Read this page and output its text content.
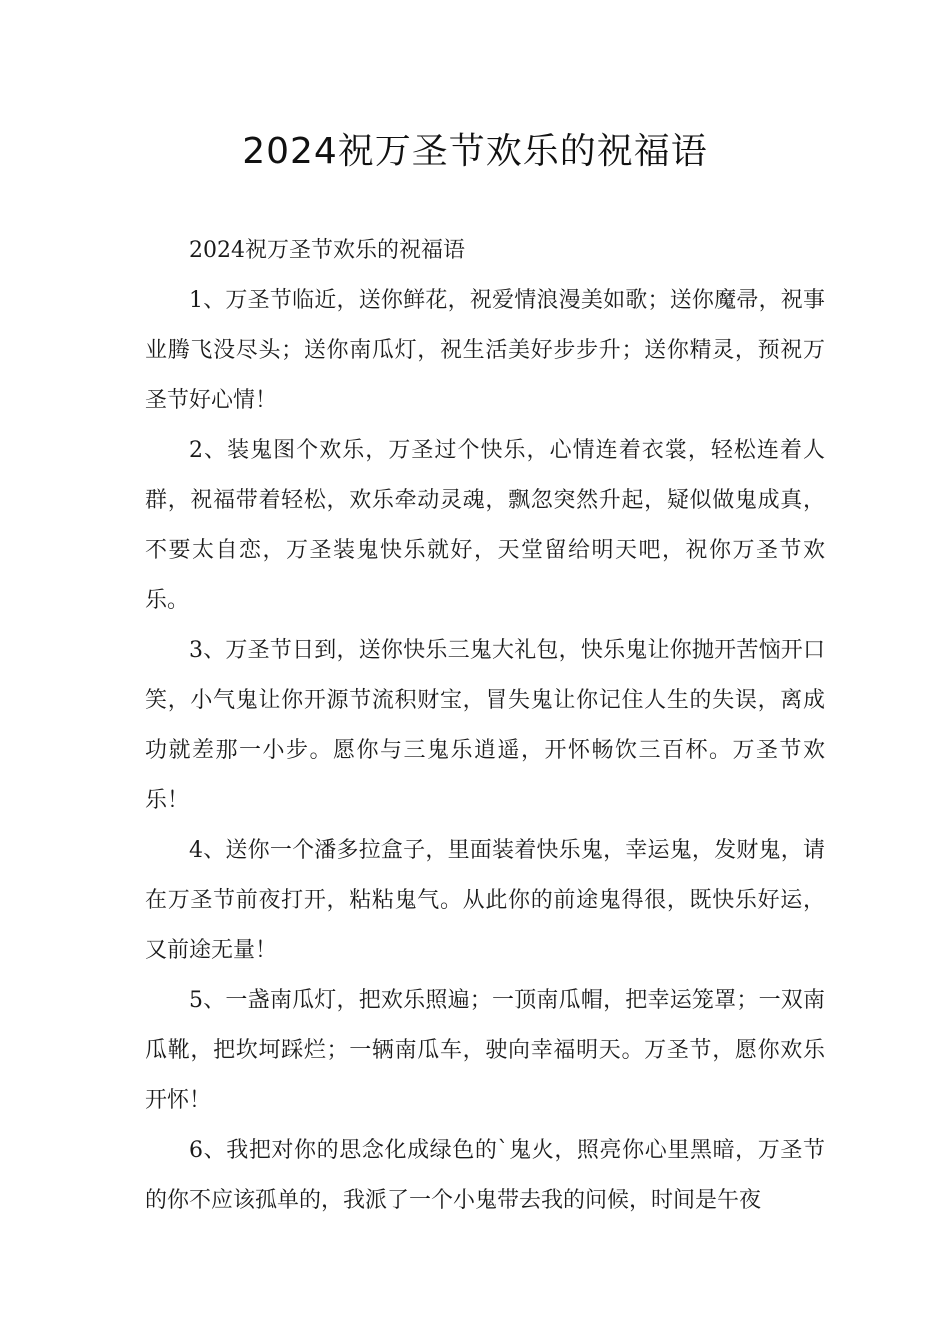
2024祝万圣节欢乐的祝福语

2024祝万圣节欢乐的祝福语

1、万圣节临近，送你鲜花，祝爱情浪漫美如歌；送你魔帚，祝事业腾飞没尽头；送你南瓜灯，祝生活美好步步升；送你精灵，预祝万圣节好心情！

2、装鬼图个欢乐，万圣过个快乐，心情连着衣裳，轻松连着人群，祝福带着轻松，欢乐牵动灵魂，飘忽突然升起，疑似做鬼成真，不要太自恋，万圣装鬼快乐就好，天堂留给明天吧，祝你万圣节欢乐。

3、万圣节日到，送你快乐三鬼大礼包，快乐鬼让你抛开苦恼开口笑，小气鬼让你开源节流积财宝，冒失鬼让你记住人生的失误，离成功就差那一小步。愿你与三鬼乐逍遥，开怀畅饮三百杯。万圣节欢乐！

4、送你一个潘多拉盒子，里面装着快乐鬼，幸运鬼，发财鬼，请在万圣节前夜打开，粘粘鬼气。从此你的前途鬼得很，既快乐好运，又前途无量！

5、一盏南瓜灯，把欢乐照遍；一顶南瓜帽，把幸运笼罩；一双南瓜靴，把坎坷踩烂；一辆南瓜车，驶向幸福明天。万圣节，愿你欢乐开怀！

6、我把对你的思念化成绿色的`鬼火，照亮你心里黑暗，万圣节的你不应该孤单的，我派了一个小鬼带去我的问候，时间是午夜
